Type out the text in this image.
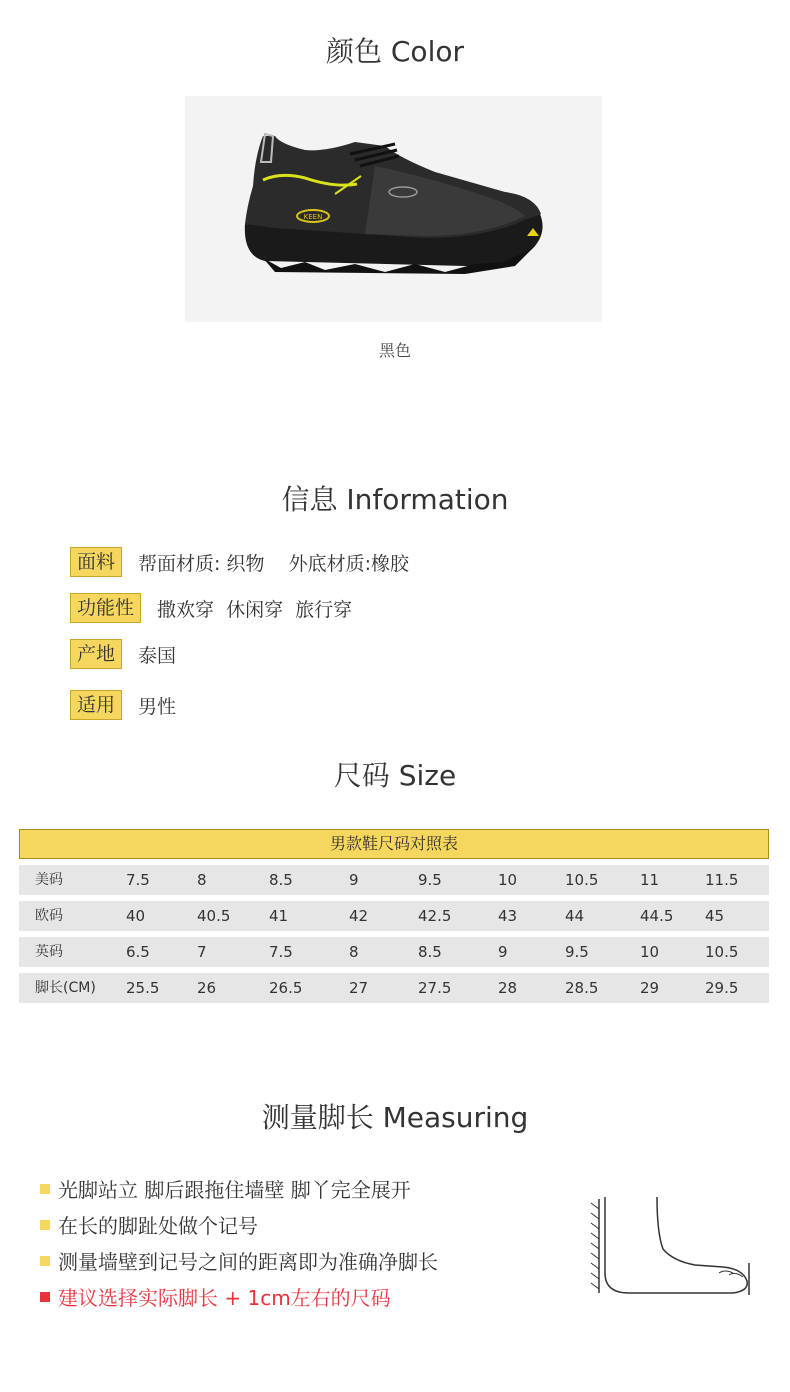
颜色 Color
KEEN
黑色
信息 Information
面料	帮面材质: 织物    外底材质:橡胶
功能性	撒欢穿  休闲穿  旅行穿
产地	泰国
适用	男性
尺码 Size
男款鞋尺码对照表
美码	7.5	8	8.5	9	9.5	10	10.5	11	11.5
欧码	40	40.5	41	42	42.5	43	44	44.5 45
英码	6.5	7	7.5	8	8.5	9	9.5	10	10.5
脚长(CM) 25.5	26	26.5	27	27.5	28	28.5	29	29.5
测量脚长 Measuring
光脚站立 脚后跟拖住墙壁 脚丫完全展开
在长的脚趾处做个记号
测量墙壁到记号之间的距离即为准确净脚长
建议选择实际脚长 + 1cm左右的尺码
